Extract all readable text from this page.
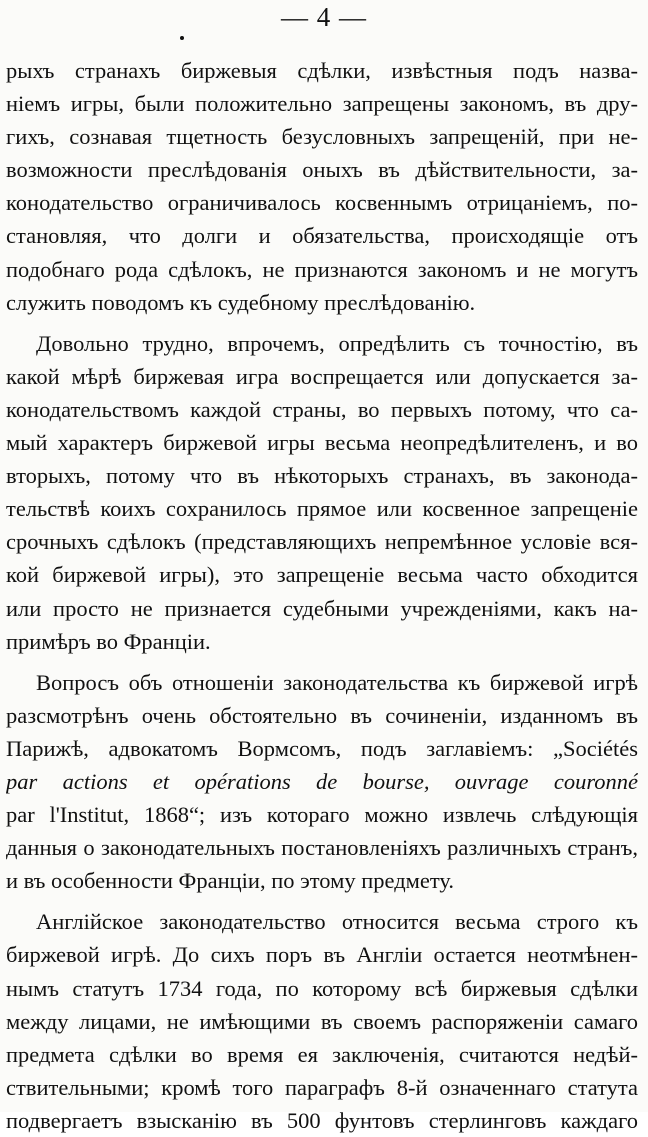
— 4 —
рыхъ странахъ биржевыя сдѣлки, извѣстныя подъ назва-
ніемъ игры, были положительно запрещены закономъ, въ дру-
гихъ, сознавая тщетность безусловныхъ запрещеній, при не-
возможности преслѣдованія оныхъ въ дѣйствительности, за-
конодательство ограничивалось косвеннымъ отрицаніемъ, по-
становляя, что долги и обязательства, происходящіе отъ
подобнаго рода сдѣлокъ, не признаются закономъ и не могутъ
служить поводомъ къ судебному преслѣдованію.
Довольно трудно, впрочемъ, опредѣлить съ точностію, въ
какой мѣрѣ биржевая игра воспрещается или допускается за-
конодательствомъ каждой страны, во первыхъ потому, что са-
мый характеръ биржевой игры весьма неопредѣлителенъ, и во
вторыхъ, потому что въ нѣкоторыхъ странахъ, въ законода-
тельствѣ коихъ сохранилось прямое или косвенное запрещеніе
срочныхъ сдѣлокъ (представляющихъ непремѣнное условіе вся-
кой биржевой игры), это запрещеніе весьма часто обходится
или просто не признается судебными учрежденіями, какъ на-
примѣръ во Франціи.
Вопросъ объ отношеніи законодательства къ биржевой игрѣ
разсмотрѣнъ очень обстоятельно въ сочиненіи, изданномъ въ
Парижѣ, адвокатомъ Вормсомъ, подъ заглавіемъ: „Sociétés
par actions et opérations de bourse, ouvrage couronné
par l'Institut, 1868“; изъ котораго можно извлечь слѣдующія
данныя о законодательныхъ постановленіяхъ различныхъ странъ,
и въ особенности Франціи, по этому предмету.
Англійское законодательство относится весьма строго къ
биржевой игрѣ. До сихъ поръ въ Англіи остается неотмѣнен-
нымъ статутъ 1734 года, по которому всѣ биржевыя сдѣлки
между лицами, не имѣющими въ своемъ распоряженіи самаго
предмета сдѣлки во время ея заключенія, считаются недѣй-
ствительными; кромѣ того параграфъ 8-й означеннаго статута
подвергаетъ взысканію въ 500 фунтовъ стерлинговъ каждаго
